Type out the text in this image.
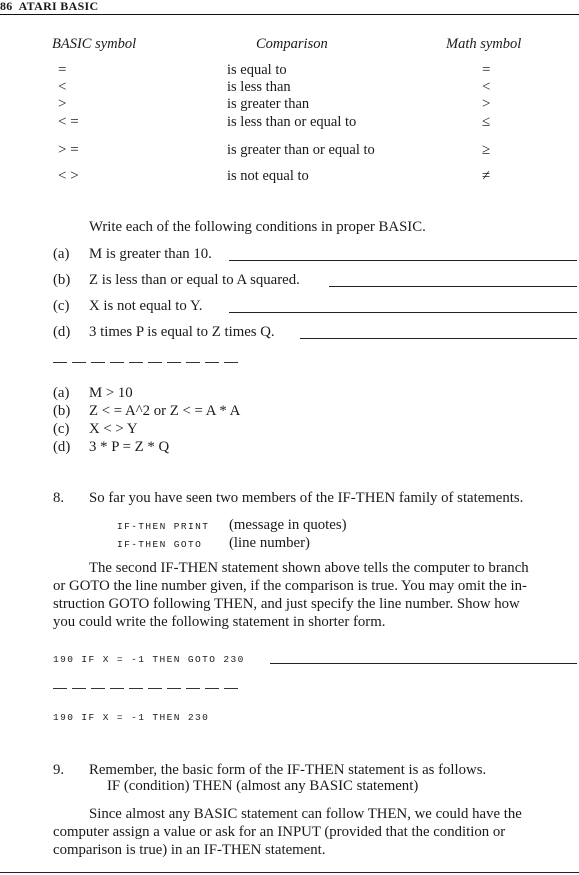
86 ATARI BASIC
BASIC symbol	Comparison	Math symbol
=	is equal to	=
<	is less than	<
>	is greater than	>
< =	is less than or equal to	≤
> =	is greater than or equal to	≥
< >	is not equal to	≠
Write each of the following conditions in proper BASIC.
(a) M is greater than 10.
(b) Z is less than or equal to A squared.
(c) X is not equal to Y.
(d) 3 times P is equal to Z times Q.
(a) M > 10
(b) Z < = A^2 or Z < = A * A
(c) X < > Y
(d) 3 * P = Z * Q
8. So far you have seen two members of the IF-THEN family of statements.
IF-THEN PRINT (message in quotes)
IF-THEN GOTO (line number)
The second IF-THEN statement shown above tells the computer to branch
or GOTO the line number given, if the comparison is true. You may omit the in-
struction GOTO following THEN, and just specify the line number. Show how
you could write the following statement in shorter form.
190 IF X = -1 THEN GOTO 230
190 IF X = -1 THEN 230
9. Remember, the basic form of the IF-THEN statement is as follows.
IF (condition) THEN (almost any BASIC statement)
Since almost any BASIC statement can follow THEN, we could have the
computer assign a value or ask for an INPUT (provided that the condition or
comparison is true) in an IF-THEN statement.
